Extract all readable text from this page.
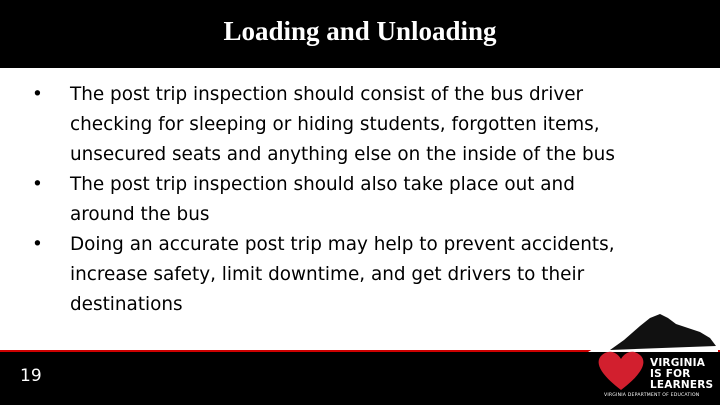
Loading and Unloading
• The post trip inspection should consist of the bus driver
checking for sleeping or hiding students, forgotten items,
unsecured seats and anything else on the inside of the bus
• The post trip inspection should also take place out and
around the bus
• Doing an accurate post trip may help to prevent accidents,
increase safety, limit downtime, and get drivers to their
destinations
19
VIRGINIA
IS FOR
LEARNERS
VIRGINIA DEPARTMENT OF EDUCATION
